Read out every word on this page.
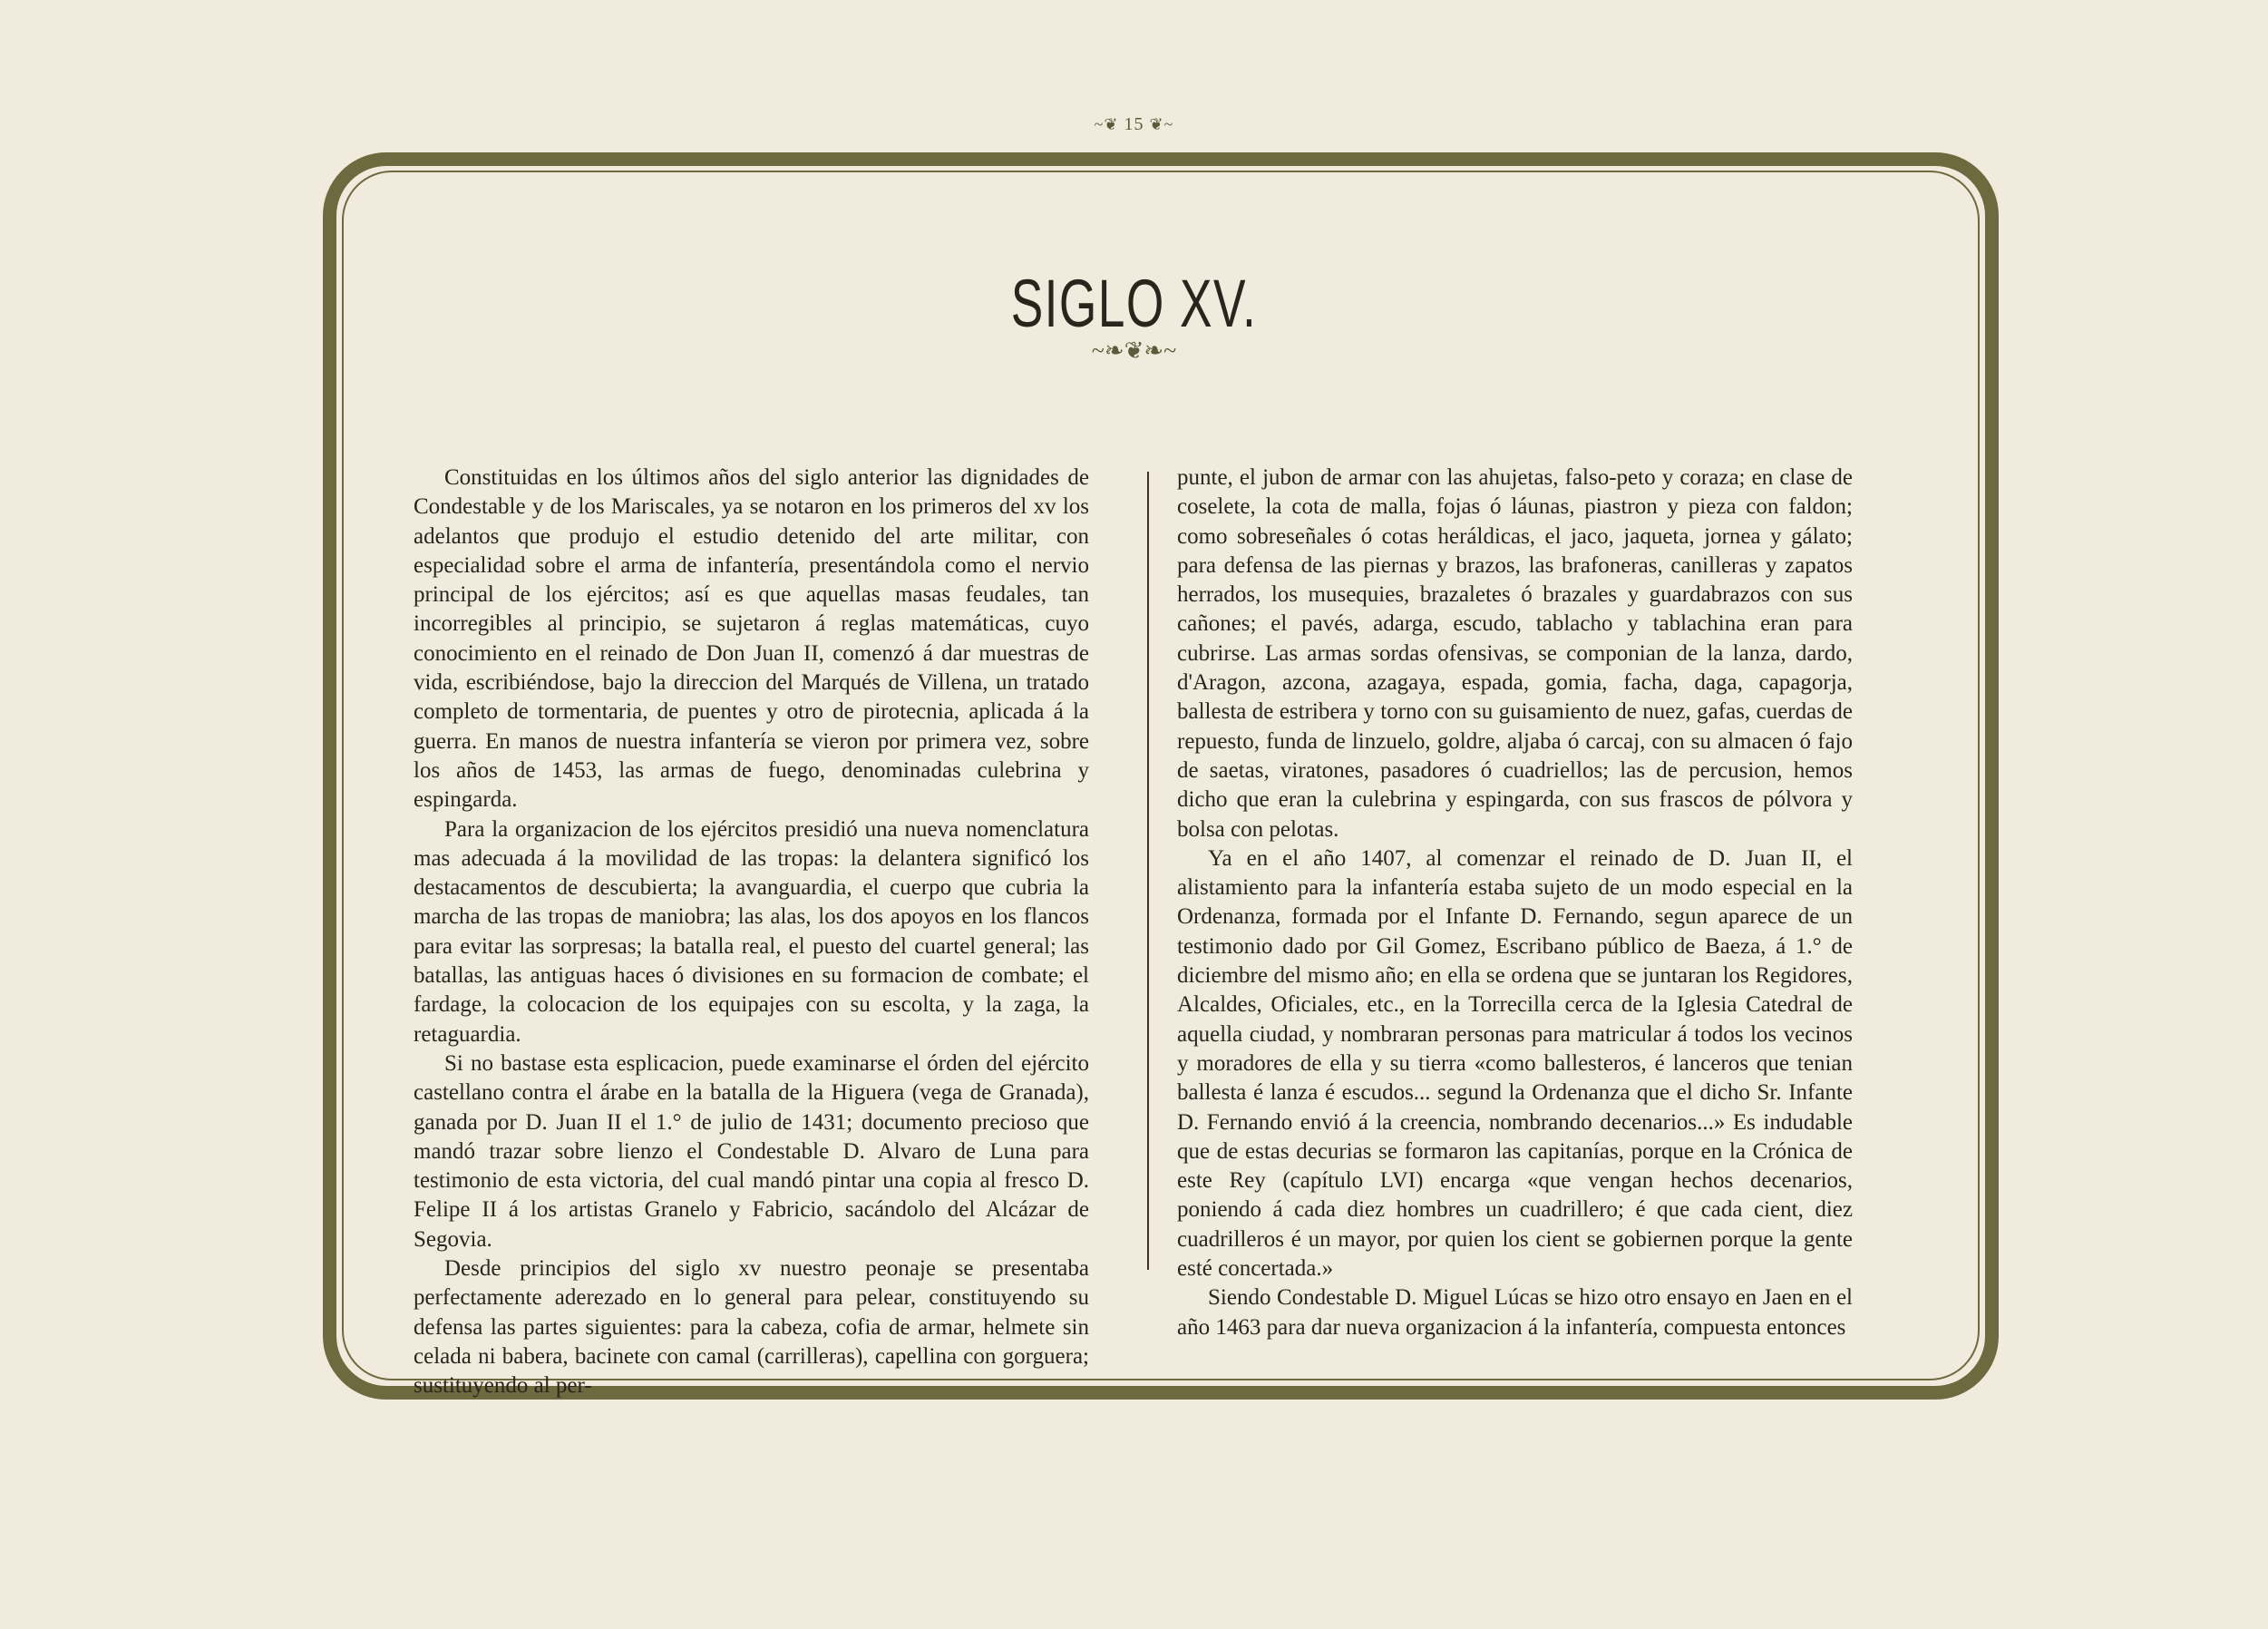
~❦ 15 ❦~
SIGLO XV.
~❧❦❧~

Constituidas en los últimos años del siglo anterior las dignidades de Condestable y de los Mariscales, ya se notaron en los primeros del xv los adelantos que produjo el estudio detenido del arte militar, con especialidad sobre el arma de infantería, presentándola como el nervio principal de los ejércitos; así es que aquellas masas feudales, tan incorregibles al principio, se sujetaron á reglas matemáticas, cuyo conocimiento en el reinado de Don Juan II, comenzó á dar muestras de vida, escribiéndose, bajo la direccion del Marqués de Villena, un tratado completo de tormentaria, de puentes y otro de pirotecnia, aplicada á la guerra. En manos de nuestra infantería se vieron por primera vez, sobre los años de 1453, las armas de fuego, denominadas culebrina y espingarda.

Para la organizacion de los ejércitos presidió una nueva nomenclatura mas adecuada á la movilidad de las tropas: la delantera significó los destacamentos de descubierta; la avanguardia, el cuerpo que cubria la marcha de las tropas de maniobra; las alas, los dos apoyos en los flancos para evitar las sorpresas; la batalla real, el puesto del cuartel general; las batallas, las antiguas haces ó divisiones en su formacion de combate; el fardage, la colocacion de los equipajes con su escolta, y la zaga, la retaguardia.

Si no bastase esta esplicacion, puede examinarse el órden del ejército castellano contra el árabe en la batalla de la Higuera (vega de Granada), ganada por D. Juan II el 1.° de julio de 1431; documento precioso que mandó trazar sobre lienzo el Condestable D. Alvaro de Luna para testimonio de esta victoria, del cual mandó pintar una copia al fresco D. Felipe II á los artistas Granelo y Fabricio, sacándolo del Alcázar de Segovia.

Desde principios del siglo xv nuestro peonaje se presentaba perfectamente aderezado en lo general para pelear, constituyendo su defensa las partes siguientes: para la cabeza, cofia de armar, helmete sin celada ni babera, bacinete con camal (carrilleras), capellina con gorguera; sustituyendo al per-

punte, el jubon de armar con las ahujetas, falso-peto y coraza; en clase de coselete, la cota de malla, fojas ó láunas, piastron y pieza con faldon; como sobreseñales ó cotas heráldicas, el jaco, jaqueta, jornea y gálato; para defensa de las piernas y brazos, las brafoneras, canilleras y zapatos herrados, los musequies, brazaletes ó brazales y guardabrazos con sus cañones; el pavés, adarga, escudo, tablacho y tablachina eran para cubrirse. Las armas sordas ofensivas, se componian de la lanza, dardo, d'Aragon, azcona, azagaya, espada, gomia, facha, daga, capagorja, ballesta de estribera y torno con su guisamiento de nuez, gafas, cuerdas de repuesto, funda de linzuelo, goldre, aljaba ó carcaj, con su almacen ó fajo de saetas, viratones, pasadores ó cuadriellos; las de percusion, hemos dicho que eran la culebrina y espingarda, con sus frascos de pólvora y bolsa con pelotas.

Ya en el año 1407, al comenzar el reinado de D. Juan II, el alistamiento para la infantería estaba sujeto de un modo especial en la Ordenanza, formada por el Infante D. Fernando, segun aparece de un testimonio dado por Gil Gomez, Escribano público de Baeza, á 1.° de diciembre del mismo año; en ella se ordena que se juntaran los Regidores, Alcaldes, Oficiales, etc., en la Torrecilla cerca de la Iglesia Catedral de aquella ciudad, y nombraran personas para matricular á todos los vecinos y moradores de ella y su tierra «como ballesteros, é lanceros que tenian ballesta é lanza é escudos... segund la Ordenanza que el dicho Sr. Infante D. Fernando envió á la creencia, nombrando decenarios...» Es indudable que de estas decurias se formaron las capitanías, porque en la Crónica de este Rey (capítulo LVI) encarga «que vengan hechos decenarios, poniendo á cada diez hombres un cuadrillero; é que cada cient, diez cuadrilleros é un mayor, por quien los cient se gobiernen porque la gente esté concertada.»

Siendo Condestable D. Miguel Lúcas se hizo otro ensayo en Jaen en el año 1463 para dar nueva organizacion á la infantería, compuesta entonces
